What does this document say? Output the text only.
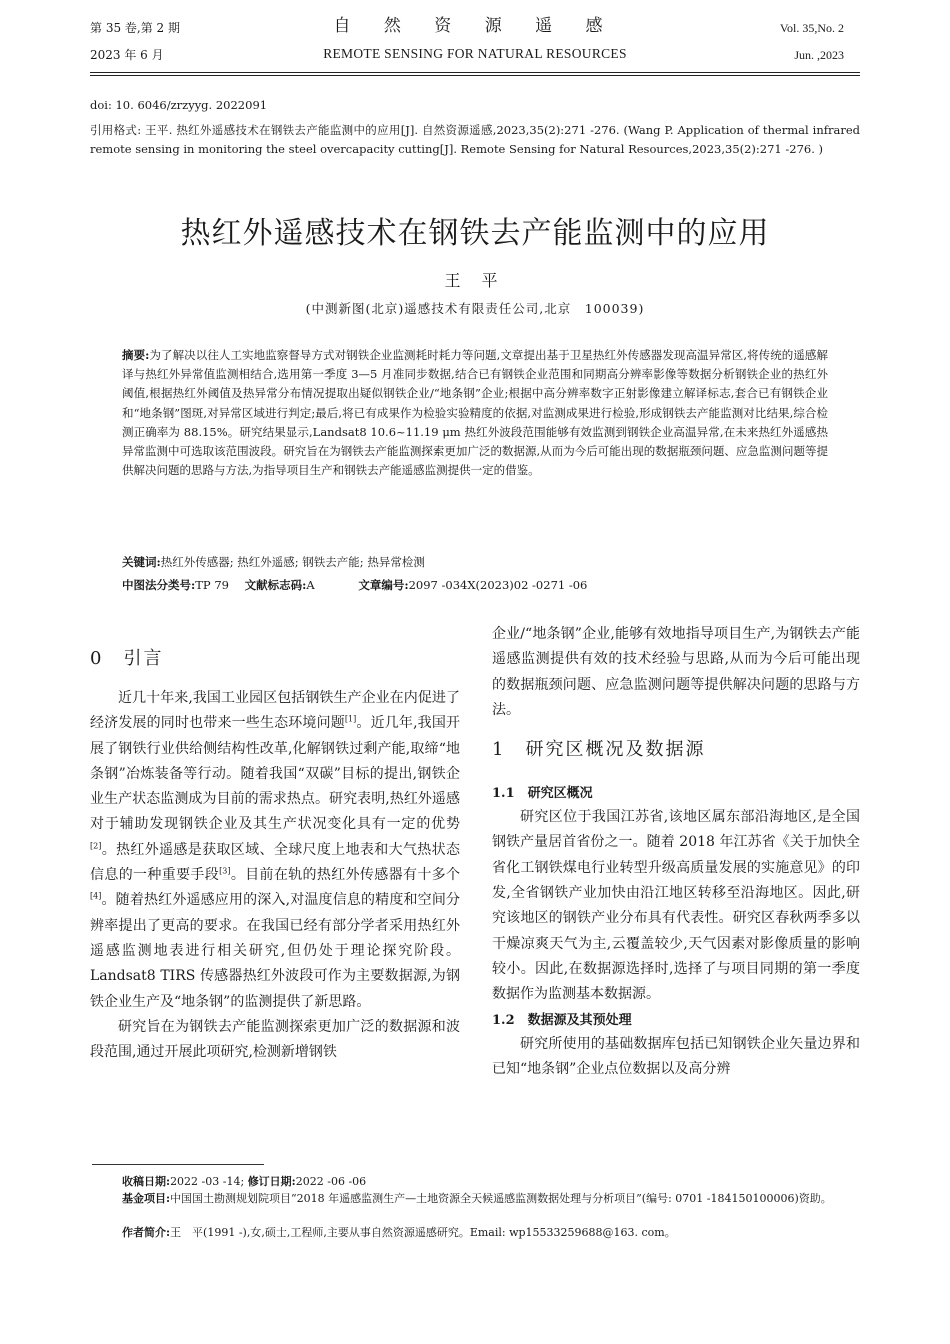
第 35 卷,第 2 期
2023 年 6 月
自 然 资 源 遥 感
REMOTE SENSING FOR NATURAL RESOURCES
Vol. 35,No. 2
Jun. ,2023
doi: 10. 6046/zrzyyg. 2022091
引用格式: 王平. 热红外遥感技术在钢铁去产能监测中的应用[J]. 自然资源遥感,2023,35(2):271 -276. (Wang P. Application of thermal infrared remote sensing in monitoring the steel overcapacity cutting[J]. Remote Sensing for Natural Resources,2023,35(2):271 -276. )
热红外遥感技术在钢铁去产能监测中的应用
王 平
(中测新图(北京)遥感技术有限责任公司,北京　100039)
摘要:为了解决以往人工实地监察督导方式对钢铁企业监测耗时耗力等问题,文章提出基于卫星热红外传感器发现高温异常区,将传统的遥感解译与热红外异常值监测相结合,选用第一季度 3—5 月准同步数据,结合已有钢铁企业范围和同期高分辨率影像等数据分析钢铁企业的热红外阈值,根据热红外阈值及热异常分布情况提取出疑似钢铁企业/“地条钢”企业;根据中高分辨率数字正射影像建立解译标志,套合已有钢铁企业和“地条钢”图斑,对异常区域进行判定;最后,将已有成果作为检验实验精度的依据,对监测成果进行检验,形成钢铁去产能监测对比结果,综合检测正确率为 88.15%。研究结果显示,Landsat8 10.6~11.19 μm 热红外波段范围能够有效监测到钢铁企业高温异常,在未来热红外遥感热异常监测中可选取该范围波段。研究旨在为钢铁去产能监测探索更加广泛的数据源,从而为今后可能出现的数据瓶颈问题、应急监测问题等提供解决问题的思路与方法,为指导项目生产和钢铁去产能遥感监测提供一定的借鉴。
关键词:热红外传感器; 热红外遥感; 钢铁去产能; 热异常检测
中图法分类号:TP 79 文献标志码:A	文章编号:2097 -034X(2023)02 -0271 -06
0　引言

近几十年来,我国工业园区包括钢铁生产企业在内促进了经济发展的同时也带来一些生态环境问题[1]。近几年,我国开展了钢铁行业供给侧结构性改革,化解钢铁过剩产能,取缔“地条钢”冶炼装备等行动。随着我国“双碳”目标的提出,钢铁企业生产状态监测成为目前的需求热点。研究表明,热红外遥感对于辅助发现钢铁企业及其生产状况变化具有一定的优势[2]。热红外遥感是获取区域、全球尺度上地表和大气热状态信息的一种重要手段[3]。目前在轨的热红外传感器有十多个[4]。随着热红外遥感应用的深入,对温度信息的精度和空间分辨率提出了更高的要求。在我国已经有部分学者采用热红外遥感监测地表进行相关研究,但仍处于理论探究阶段。Landsat8 TIRS 传感器热红外波段可作为主要数据源,为钢铁企业生产及“地条钢”的监测提供了新思路。

研究旨在为钢铁去产能监测探索更加广泛的数据源和波段范围,通过开展此项研究,检测新增钢铁

企业/“地条钢”企业,能够有效地指导项目生产,为钢铁去产能遥感监测提供有效的技术经验与思路,从而为今后可能出现的数据瓶颈问题、应急监测问题等提供解决问题的思路与方法。

1　研究区概况及数据源
1.1　研究区概况

研究区位于我国江苏省,该地区属东部沿海地区,是全国钢铁产量居首省份之一。随着 2018 年江苏省《关于加快全省化工钢铁煤电行业转型升级高质量发展的实施意见》的印发,全省钢铁产业加快由沿江地区转移至沿海地区。因此,研究该地区的钢铁产业分布具有代表性。研究区春秋两季多以干燥凉爽天气为主,云覆盖较少,天气因素对影像质量的影响较小。因此,在数据源选择时,选择了与项目同期的第一季度数据作为监测基本数据源。

1.2　数据源及其预处理

研究所使用的基础数据库包括已知钢铁企业矢量边界和已知“地条钢”企业点位数据以及高分辨

收稿日期:2022 -03 -14; 修订日期:2022 -06 -06
基金项目:中国国土勘测规划院项目“2018 年遥感监测生产—土地资源全天候遥感监测数据处理与分析项目”(编号: 0701 -184150100006)资助。
作者简介:王　平(1991 -),女,硕士,工程师,主要从事自然资源遥感研究。Email: wp15533259688@163. com。
